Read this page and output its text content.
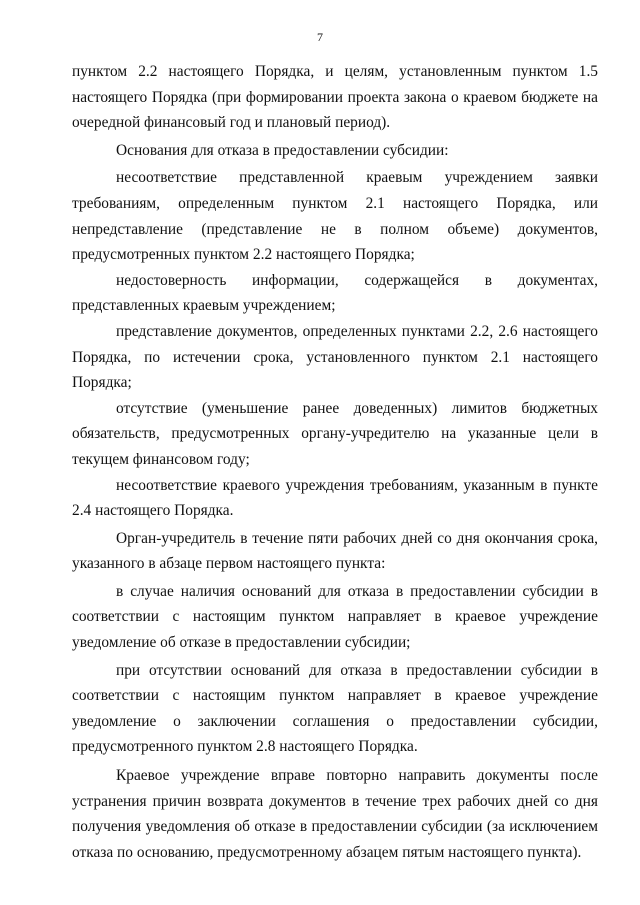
7

пунктом 2.2 настоящего Порядка, и целям, установленным пунктом 1.5 настоящего Порядка (при формировании проекта закона о краевом бюджете на очередной финансовый год и плановый период).

Основания для отказа в предоставлении субсидии:

несоответствие представленной краевым учреждением заявки требованиям, определенным пунктом 2.1 настоящего Порядка, или непредставление (представление не в полном объеме) документов, предусмотренных пунктом 2.2 настоящего Порядка;

недостоверность информации, содержащейся в документах, представленных краевым учреждением;

представление документов, определенных пунктами 2.2, 2.6 настоящего Порядка, по истечении срока, установленного пунктом 2.1 настоящего Порядка;

отсутствие (уменьшение ранее доведенных) лимитов бюджетных обязательств, предусмотренных органу-учредителю на указанные цели в текущем финансовом году;

несоответствие краевого учреждения требованиям, указанным в пункте 2.4 настоящего Порядка.

Орган-учредитель в течение пяти рабочих дней со дня окончания срока, указанного в абзаце первом настоящего пункта:

в случае наличия оснований для отказа в предоставлении субсидии в соответствии с настоящим пунктом направляет в краевое учреждение уведомление об отказе в предоставлении субсидии;

при отсутствии оснований для отказа в предоставлении субсидии в соответствии с настоящим пунктом направляет в краевое учреждение уведомление о заключении соглашения о предоставлении субсидии, предусмотренного пунктом 2.8 настоящего Порядка.

Краевое учреждение вправе повторно направить документы после устранения причин возврата документов в течение трех рабочих дней со дня получения уведомления об отказе в предоставлении субсидии (за исключением отказа по основанию, предусмотренному абзацем пятым настоящего пункта).
